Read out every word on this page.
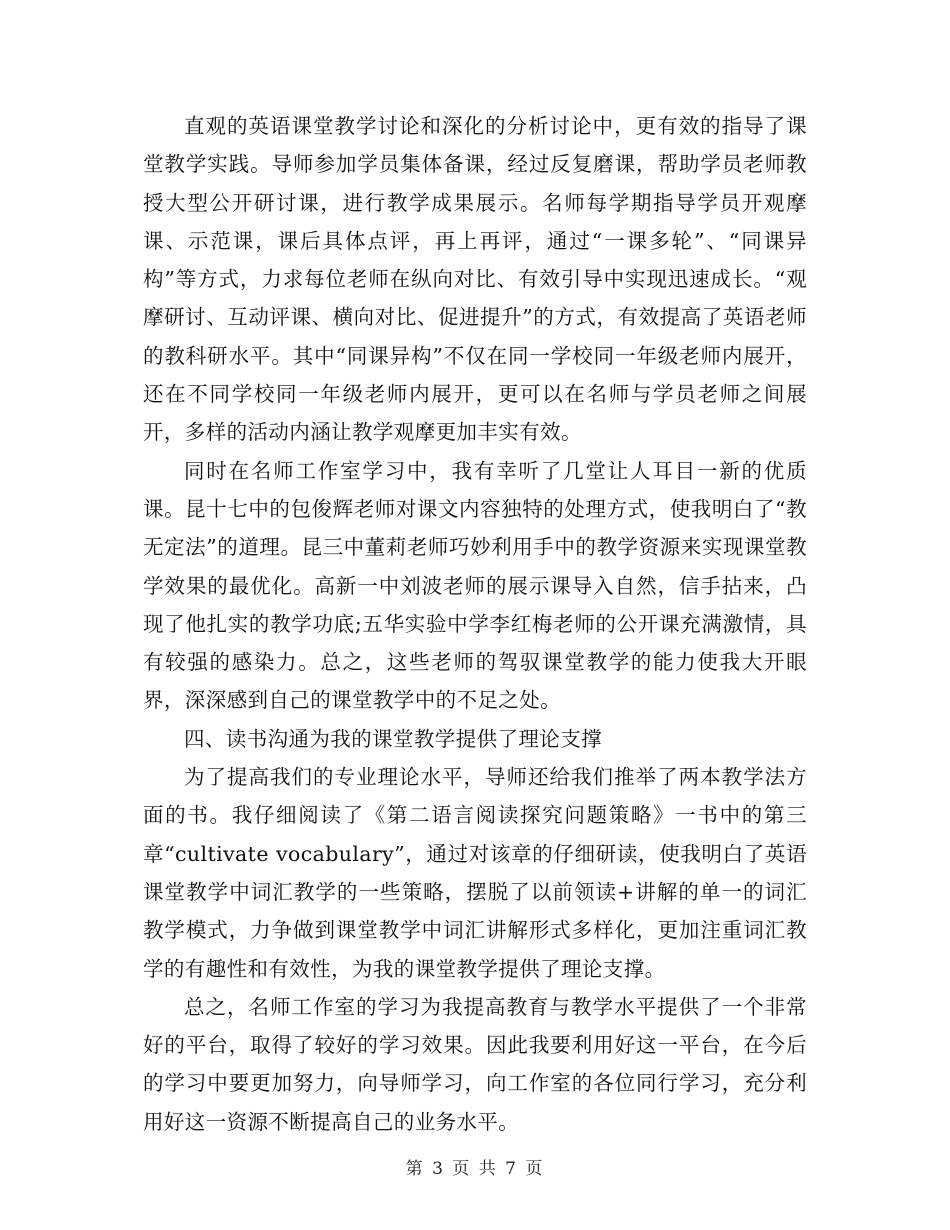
直观的英语课堂教学讨论和深化的分析讨论中，更有效的指导了课堂教学实践。导师参加学员集体备课，经过反复磨课，帮助学员老师教授大型公开研讨课，进行教学成果展示。名师每学期指导学员开观摩课、示范课，课后具体点评，再上再评，通过“一课多轮”、“同课异构”等方式，力求每位老师在纵向对比、有效引导中实现迅速成长。“观摩研讨、互动评课、横向对比、促进提升”的方式，有效提高了英语老师的教科研水平。其中“同课异构”不仅在同一学校同一年级老师内展开，还在不同学校同一年级老师内展开，更可以在名师与学员老师之间展开，多样的活动内涵让教学观摩更加丰实有效。

同时在名师工作室学习中，我有幸听了几堂让人耳目一新的优质课。昆十七中的包俊辉老师对课文内容独特的处理方式，使我明白了“教无定法”的道理。昆三中董莉老师巧妙利用手中的教学资源来实现课堂教学效果的最优化。高新一中刘波老师的展示课导入自然，信手拈来，凸现了他扎实的教学功底;五华实验中学李红梅老师的公开课充满激情，具有较强的感染力。总之，这些老师的驾驭课堂教学的能力使我大开眼界，深深感到自己的课堂教学中的不足之处。

四、读书沟通为我的课堂教学提供了理论支撑

为了提高我们的专业理论水平，导师还给我们推举了两本教学法方面的书。我仔细阅读了《第二语言阅读探究问题策略》一书中的第三章“cultivate vocabulary”，通过对该章的仔细研读，使我明白了英语课堂教学中词汇教学的一些策略，摆脱了以前领读+讲解的单一的词汇教学模式，力争做到课堂教学中词汇讲解形式多样化，更加注重词汇教学的有趣性和有效性，为我的课堂教学提供了理论支撑。

总之，名师工作室的学习为我提高教育与教学水平提供了一个非常好的平台，取得了较好的学习效果。因此我要利用好这一平台，在今后的学习中要更加努力，向导师学习，向工作室的各位同行学习，充分利用好这一资源不断提高自己的业务水平。

第 3 页 共 7 页
